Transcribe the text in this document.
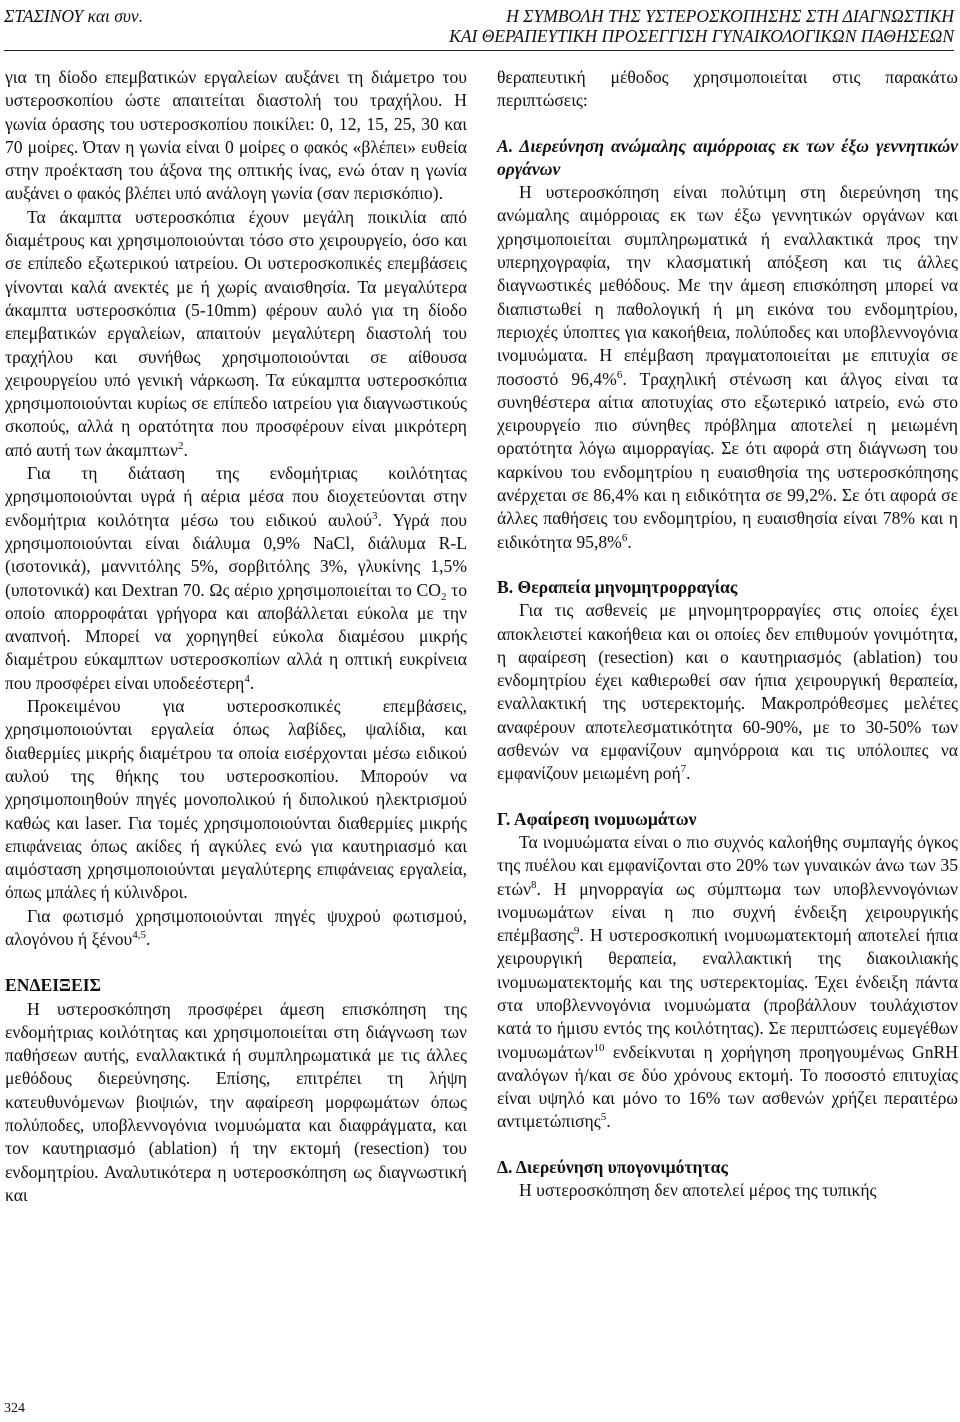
ΣΤΑΣΙΝΟΥ και συν.	Η ΣΥΜΒΟΛΗ ΤΗΣ ΥΣΤΕΡΟΣΚΟΠΗΣΗΣ ΣΤΗ ΔΙΑΓΝΩΣΤΙΚΗ
ΚΑΙ ΘΕΡΑΠΕΥΤΙΚΗ ΠΡΟΣΕΓΓΙΣΗ ΓΥΝΑΙΚΟΛΟΓΙΚΩΝ ΠΑΘΗΣΕΩΝ

για τη δίοδο επεμβατικών εργαλείων αυξάνει τη διάμετρο του υστεροσκοπίου ώστε απαιτείται διαστολή του τραχήλου. Η γωνία όρασης του υστεροσκοπίου ποικίλει: 0, 12, 15, 25, 30 και 70 μοίρες. Όταν η γωνία είναι 0 μοίρες ο φακός «βλέπει» ευθεία στην προέκταση του άξονα της οπτικής ίνας, ενώ όταν η γωνία αυξάνει ο φακός βλέπει υπό ανάλογη γωνία (σαν περισκόπιο).

Τα άκαμπτα υστεροσκόπια έχουν μεγάλη ποικιλία από διαμέτρους και χρησιμοποιούνται τόσο στο χειρουργείο, όσο και σε επίπεδο εξωτερικού ιατρείου. Οι υστεροσκοπικές επεμβάσεις γίνονται καλά ανεκτές με ή χωρίς αναισθησία. Τα μεγαλύτερα άκαμπτα υστεροσκόπια (5-10mm) φέρουν αυλό για τη δίοδο επεμβατικών εργαλείων, απαιτούν μεγαλύτερη διαστολή του τραχήλου και συνήθως χρησιμοποιούνται σε αίθουσα χειρουργείου υπό γενική νάρκωση. Τα εύκαμπτα υστεροσκόπια χρησιμοποιούνται κυρίως σε επίπεδο ιατρείου για διαγνωστικούς σκοπούς, αλλά η ορατότητα που προσφέρουν είναι μικρότερη από αυτή των άκαμπτων$^2$.

Για τη διάταση της ενδομήτριας κοιλότητας χρησιμοποιούνται υγρά ή αέρια μέσα που διοχετεύονται στην ενδομήτρια κοιλότητα μέσω του ειδικού αυλού$^3$. Υγρά που χρησιμοποιούνται είναι διάλυμα 0,9% NaCl, διάλυμα R-L (ισοτονικά), μαννιτόλης 5%, σορβιτόλης 3%, γλυκίνης 1,5% (υποτονικά) και Dextran 70. Ως αέριο χρησιμοποιείται το $CO_2$ το οποίο απορροφάται γρήγορα και αποβάλλεται εύκολα με την αναπνοή. Μπορεί να χορηγηθεί εύκολα διαμέσου μικρής διαμέτρου εύκαμπτων υστεροσκοπίων αλλά η οπτική ευκρίνεια που προσφέρει είναι υποδεέστερη$^4$.

Προκειμένου για υστεροσκοπικές επεμβάσεις, χρησιμοποιούνται εργαλεία όπως λαβίδες, ψαλίδια, και διαθερμίες μικρής διαμέτρου τα οποία εισέρχονται μέσω ειδικού αυλού της θήκης του υστεροσκοπίου. Μπορούν να χρησιμοποιηθούν πηγές μονοπολικού ή διπολικού ηλεκτρισμού καθώς και laser. Για τομές χρησιμοποιούνται διαθερμίες μικρής επιφάνειας όπως ακίδες ή αγκύλες ενώ για καυτηριασμό και αιμόσταση χρησιμοποιούνται μεγαλύτερης επιφάνειας εργαλεία, όπως μπάλες ή κύλινδροι.

Για φωτισμό χρησιμοποιούνται πηγές ψυχρού φωτισμού, αλογόνου ή ξένου$^{4,5}$.

ΕΝΔΕΙΞΕΙΣ

Η υστεροσκόπηση προσφέρει άμεση επισκόπηση της ενδομήτριας κοιλότητας και χρησιμοποιείται στη διάγνωση των παθήσεων αυτής, εναλλακτικά ή συμπληρωματικά με τις άλλες μεθόδους διερεύνησης. Επίσης, επιτρέπει τη λήψη κατευθυνόμενων βιοψιών, την αφαίρεση μορφωμάτων όπως πολύποδες, υποβλεννογόνια ινομυώματα και διαφράγματα, και τον καυτηριασμό (ablation) ή την εκτομή (resection) του ενδομητρίου. Αναλυτικότερα η υστεροσκόπηση ως διαγνωστική και

θεραπευτική μέθοδος χρησιμοποιείται στις παρακάτω περιπτώσεις:

Α. Διερεύνηση ανώμαλης αιμόρροιας εκ των έξω γεννητικών οργάνων

Η υστεροσκόπηση είναι πολύτιμη στη διερεύνηση της ανώμαλης αιμόρροιας εκ των έξω γεννητικών οργάνων και χρησιμοποιείται συμπληρωματικά ή εναλλακτικά προς την υπερηχογραφία, την κλασματική απόξεση και τις άλλες διαγνωστικές μεθόδους. Με την άμεση επισκόπηση μπορεί να διαπιστωθεί η παθολογική ή μη εικόνα του ενδομητρίου, περιοχές ύποπτες για κακοήθεια, πολύποδες και υποβλεννογόνια ινομυώματα. Η επέμβαση πραγματοποιείται με επιτυχία σε ποσοστό 96,4%$^6$. Τραχηλική στένωση και άλγος είναι τα συνηθέστερα αίτια αποτυχίας στο εξωτερικό ιατρείο, ενώ στο χειρουργείο πιο σύνηθες πρόβλημα αποτελεί η μειωμένη ορατότητα λόγω αιμορραγίας. Σε ότι αφορά στη διάγνωση του καρκίνου του ενδομητρίου η ευαισθησία της υστεροσκόπησης ανέρχεται σε 86,4% και η ειδικότητα σε 99,2%. Σε ότι αφορά σε άλλες παθήσεις του ενδομητρίου, η ευαισθησία είναι 78% και η ειδικότητα 95,8%$^6$.

Β. Θεραπεία μηνομητρορραγίας

Για τις ασθενείς με μηνομητρορραγίες στις οποίες έχει αποκλειστεί κακοήθεια και οι οποίες δεν επιθυμούν γονιμότητα, η αφαίρεση (resection) και ο καυτηριασμός (ablation) του ενδομητρίου έχει καθιερωθεί σαν ήπια χειρουργική θεραπεία, εναλλακτική της υστερεκτομής. Μακροπρόθεσμες μελέτες αναφέρουν αποτελεσματικότητα 60-90%, με το 30-50% των ασθενών να εμφανίζουν αμηνόρροια και τις υπόλοιπες να εμφανίζουν μειωμένη ροή$^7$.

Γ. Αφαίρεση ινομυωμάτων

Τα ινομυώματα είναι ο πιο συχνός καλοήθης συμπαγής όγκος της πυέλου και εμφανίζονται στο 20% των γυναικών άνω των 35 ετών$^8$. Η μηνορραγία ως σύμπτωμα των υποβλεννογόνιων ινομυωμάτων είναι η πιο συχνή ένδειξη χειρουργικής επέμβασης$^9$. Η υστεροσκοπική ινομυωματεκτομή αποτελεί ήπια χειρουργική θεραπεία, εναλλακτική της διακοιλιακής ινομυωματεκτομής και της υστερεκτομίας. Έχει ένδειξη πάντα στα υποβλεννογόνια ινομυώματα (προβάλλουν τουλάχιστον κατά το ήμισυ εντός της κοιλότητας). Σε περιπτώσεις ευμεγέθων ινομυωμάτων$^{10}$ ενδείκνυται η χορήγηση προηγουμένως GnRH αναλόγων ή/και σε δύο χρόνους εκτομή. Το ποσοστό επιτυχίας είναι υψηλό και μόνο το 16% των ασθενών χρήζει περαιτέρω αντιμετώπισης$^5$.

Δ. Διερεύνηση υπογονιμότητας

Η υστεροσκόπηση δεν αποτελεί μέρος της τυπικής

324
